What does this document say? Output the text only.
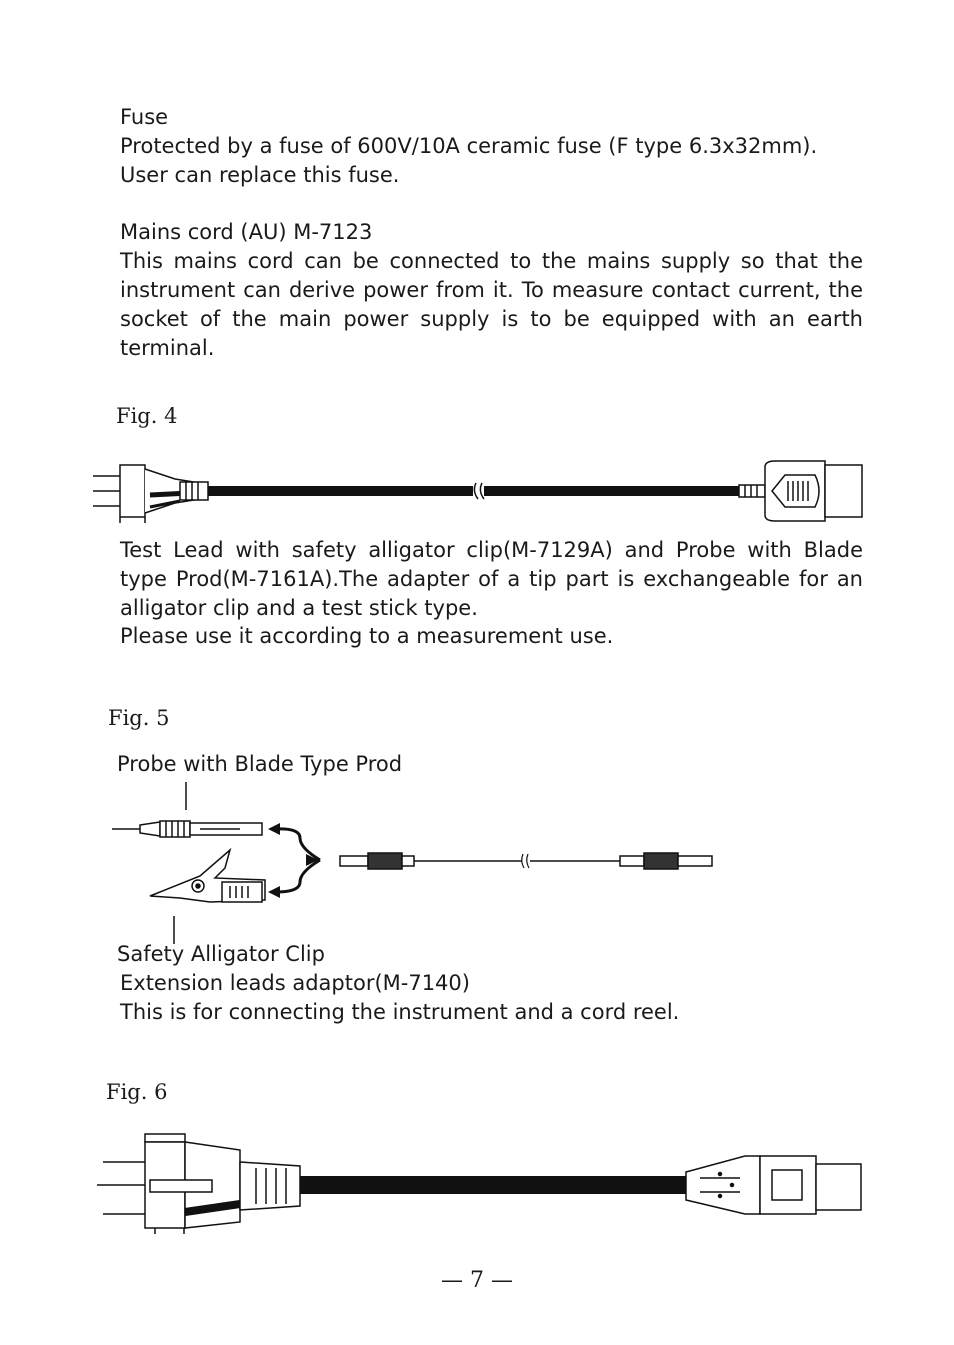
Fuse
Protected by a fuse of 600V/10A ceramic fuse (F type 6.3x32mm).
User can replace this fuse.
Mains cord (AU) M-7123
This mains cord can be connected to the mains supply so that the instrument can derive power from it. To measure contact current, the socket of the main power supply is to be equipped with an earth terminal.
Fig. 4
Test Lead with safety alligator clip(M-7129A) and Probe with Blade type Prod(M-7161A).The adapter of a tip part is exchangeable for an alligator clip and a test stick type.
Please use it according to a measurement use.
Fig. 5
Probe with Blade Type Prod
Safety Alligator Clip
Extension leads adaptor(M-7140)
This is for connecting the instrument and a cord reel.
Fig. 6
— 7 —
